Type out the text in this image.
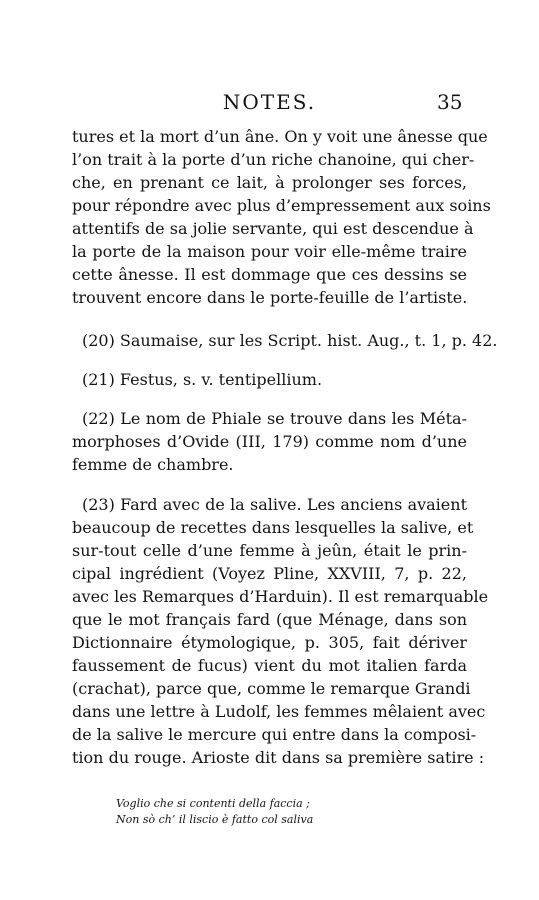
NOTES.	35
tures et la mort d’un âne. On y voit une ânesse que
l’on trait à la porte d’un riche chanoine, qui cher-
che, en prenant ce lait, à prolonger ses forces,
pour répondre avec plus d’empressement aux soins
attentifs de sa jolie servante, qui est descendue à
la porte de la maison pour voir elle-même traire
cette ânesse. Il est dommage que ces dessins se
trouvent encore dans le porte-feuille de l’artiste.
(20) Saumaise, sur les Script. hist. Aug., t. 1, p. 42.
(21) Festus, s. v. tentipellium.
(22) Le nom de Phiale se trouve dans les Méta-
morphoses d’Ovide (III, 179) comme nom d’une
femme de chambre.
(23) Fard avec de la salive. Les anciens avaient
beaucoup de recettes dans lesquelles la salive, et
sur-tout celle d’une femme à jeûn, était le prin-
cipal ingrédient (Voyez Pline, XXVIII, 7, p. 22,
avec les Remarques d’Harduin). Il est remarquable
que le mot français fard (que Ménage, dans son
Dictionnaire étymologique, p. 305, fait dériver
faussement de fucus) vient du mot italien farda
(crachat), parce que, comme le remarque Grandi
dans une lettre à Ludolf, les femmes mêlaient avec
de la salive le mercure qui entre dans la composi-
tion du rouge. Arioste dit dans sa première satire :
Voglio che si contenti della faccia ;
Non sò ch’ il liscio è fatto col saliva
